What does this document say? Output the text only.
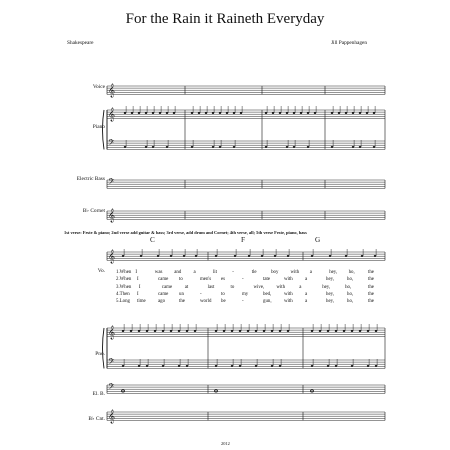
For the Rain it Raineth Everyday
Shakespeare	Jill Pappenhagen
Voice
Piano
Electric Bass
B♭ Cornet
1st verse: Feste & piano; 2nd verse add guitar & bass; 3rd verse, add drum and Cornet; 4th verse, all; 5th verse Feste, piano, bass
Vo.
Pno.
El. B.
B♭ Cnt.
C	F	G
1.When I	was and	a	lit	-	tle	boy with a	hey, ho,	the
2.When I	came to	men's es	-	tate	with	a	hey,	ho,	the
3.When I	came	at	last	to	wive, with	a	hey,	ho,	the
4.Then I	came un	-	to	my	bed,	with	a	hey,	ho,	the
5.Long time	ago	the	world be	-	gun,	with	a	hey,	ho,	the
2012
𝄞
𝄞
𝄢
𝄢
𝄞
𝄞
𝄞
𝄢
𝄢
𝄞
